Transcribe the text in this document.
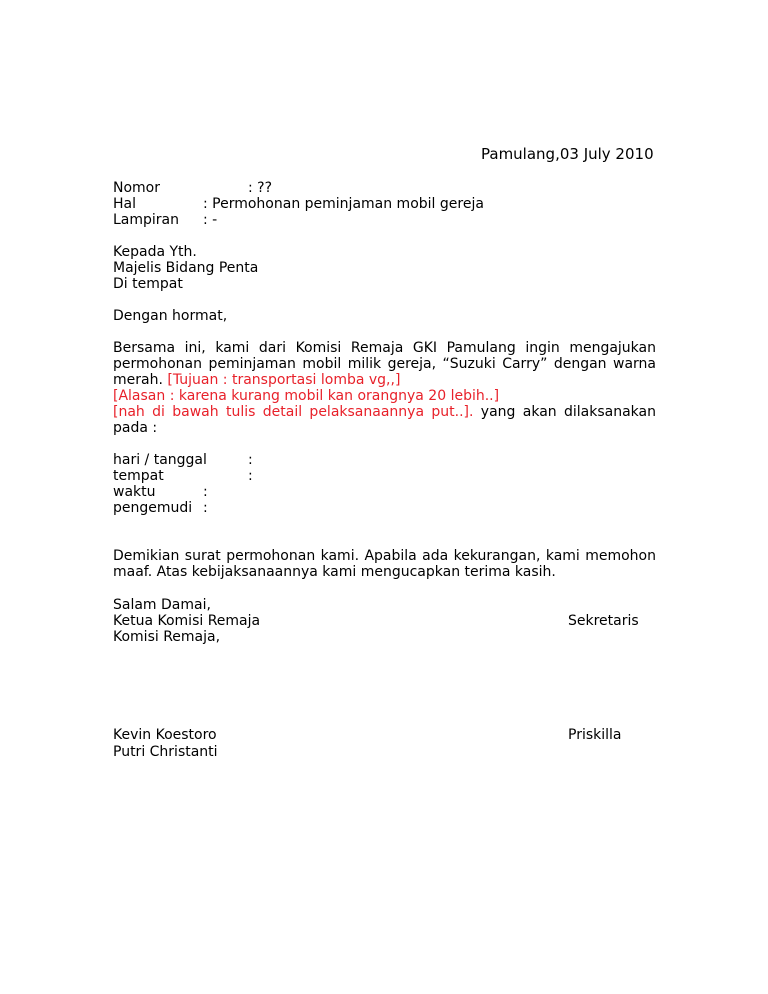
Pamulang,03 July 2010
Nomor	: ??
Hal	: Permohonan peminjaman mobil gereja
Lampiran : -
Kepada Yth.
Majelis Bidang Penta
Di tempat
Dengan hormat,
Bersama ini, kami dari Komisi Remaja GKI Pamulang ingin mengajukan
permohonan peminjaman mobil milik gereja, “Suzuki Carry” dengan warna
merah. [Tujuan : transportasi lomba vg,,]
[Alasan : karena kurang mobil kan orangnya 20 lebih..]
[nah di bawah tulis detail pelaksanaannya put..]. yang akan dilaksanakan
pada :
hari / tanggal	:
tempat	:
waktu	:
pengemudi :
Demikian surat permohonan kami. Apabila ada kekurangan, kami memohon
maaf. Atas kebijaksanaannya kami mengucapkan terima kasih.
Salam Damai,
Ketua Komisi Remaja	Sekretaris
Komisi Remaja,
Kevin Koestoro	Priskilla
Putri Christanti
